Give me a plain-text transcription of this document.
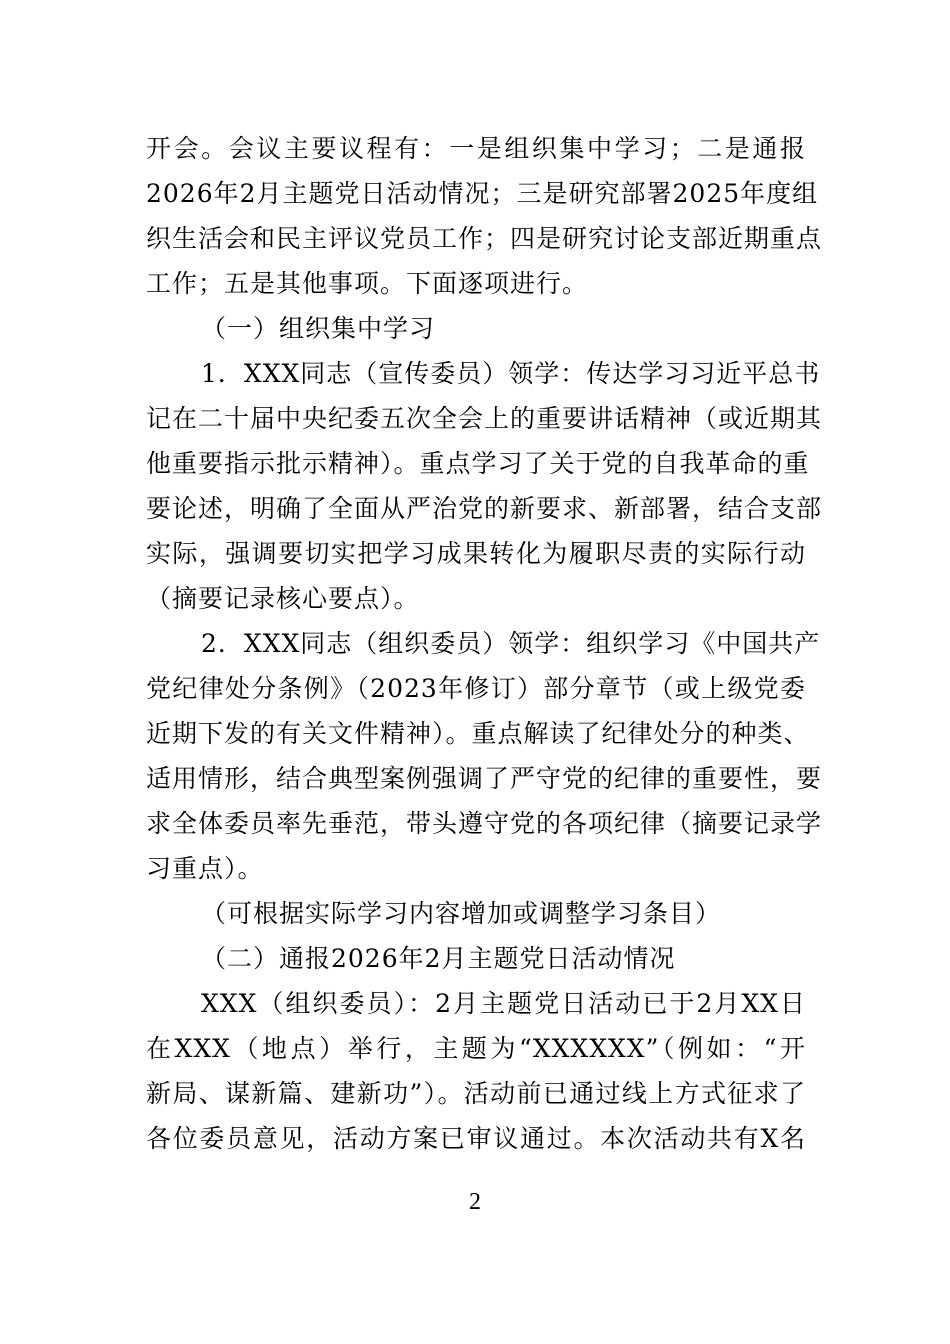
开会。会议主要议程有：一是组织集中学习；二是通报
2026年2月主题党日活动情况；三是研究部署2025年度组
织生活会和民主评议党员工作；四是研究讨论支部近期重点
工作；五是其他事项。下面逐项进行。
（一）组织集中学习
1．XXX同志（宣传委员）领学：传达学习习近平总书
记在二十届中央纪委五次全会上的重要讲话精神（或近期其
他重要指示批示精神）。重点学习了关于党的自我革命的重
要论述，明确了全面从严治党的新要求、新部署，结合支部
实际，强调要切实把学习成果转化为履职尽责的实际行动
（摘要记录核心要点）。
2．XXX同志（组织委员）领学：组织学习《中国共产
党纪律处分条例》（2023年修订）部分章节（或上级党委
近期下发的有关文件精神）。重点解读了纪律处分的种类、
适用情形，结合典型案例强调了严守党的纪律的重要性，要
求全体委员率先垂范，带头遵守党的各项纪律（摘要记录学
习重点）。
（可根据实际学习内容增加或调整学习条目）
（二）通报2026年2月主题党日活动情况
XXX（组织委员）：2月主题党日活动已于2月XX日
在XXX（地点）举行，主题为“XXXXXX”（例如：“开
新局、谋新篇、建新功”）。活动前已通过线上方式征求了
各位委员意见，活动方案已审议通过。本次活动共有X名
2
